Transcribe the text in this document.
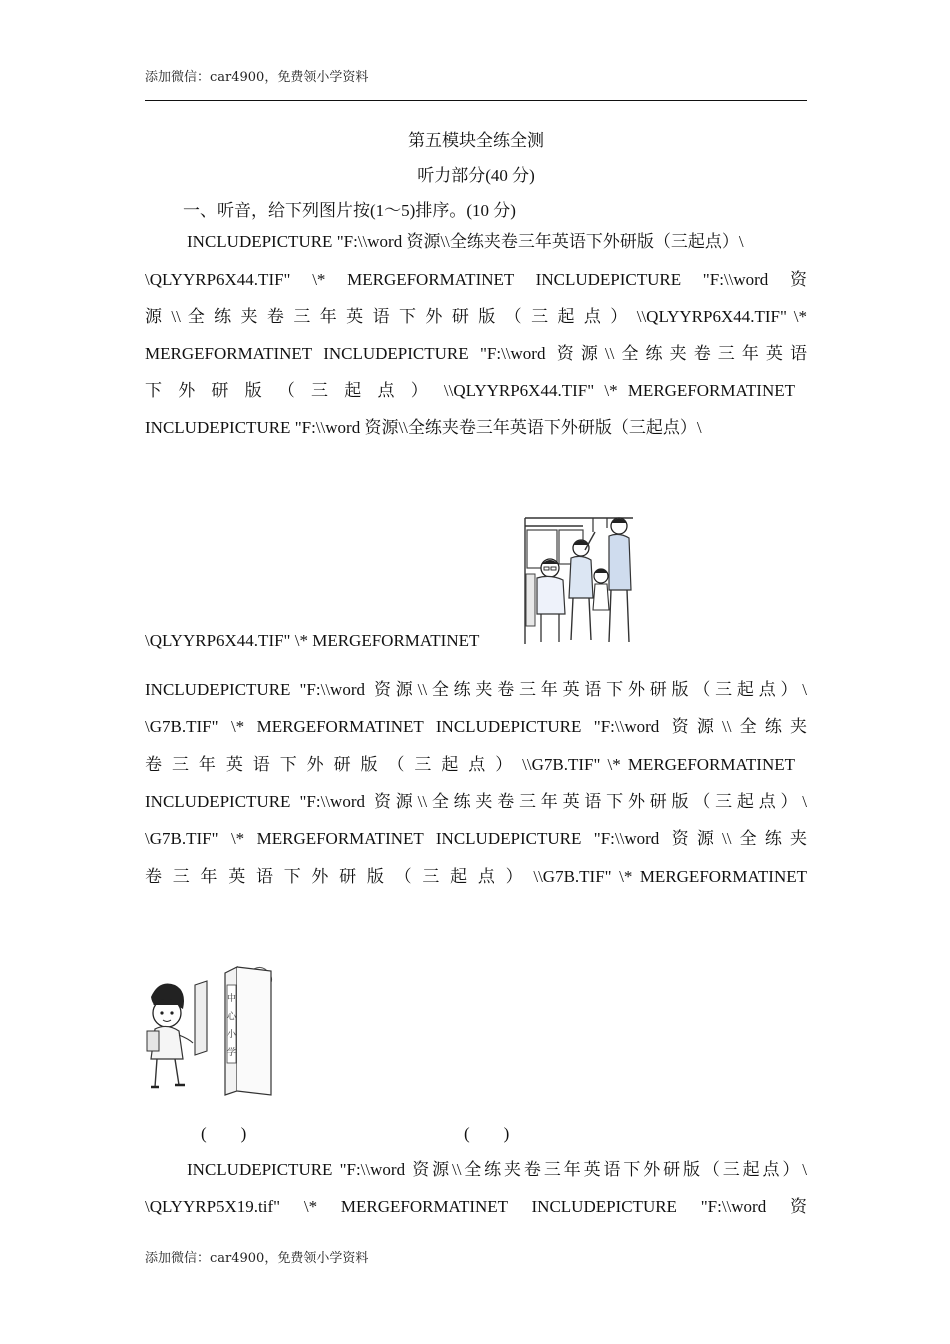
添加微信：car4900，免费领小学资料
第五模块全练全测
听力部分(40 分)
一、听音，给下列图片按(1～5)排序。(10 分)
INCLUDEPICTURE "F:\\word 资源\\全练夹卷三年英语下外研版（三起点）\
\QLYYRP6X44.TIF" \* MERGEFORMATINET INCLUDEPICTURE "F:\\word 资
源 \\ 全 练 夹 卷 三 年 英 语 下 外 研 版 （ 三 起 点 ） \\QLYYRP6X44.TIF" \*
MERGEFORMATINET INCLUDEPICTURE "F:\\word 资源\\全练夹卷三年英语
下 外 研 版 （ 三 起 点 ） \\QLYYRP6X44.TIF" \* MERGEFORMATINET
INCLUDEPICTURE "F:\\word 资源\\全练夹卷三年英语下外研版（三起点）\
\QLYYRP6X44.TIF" \* MERGEFORMATINET
INCLUDEPICTURE "F:\\word 资源\\全练夹卷三年英语下外研版（三起点）\
\G7B.TIF" \* MERGEFORMATINET INCLUDEPICTURE "F:\\word 资源\\全练夹
卷 三 年 英 语 下 外 研 版 （ 三 起 点 ） \\G7B.TIF" \* MERGEFORMATINET
INCLUDEPICTURE "F:\\word 资源\\全练夹卷三年英语下外研版（三起点）\
\G7B.TIF" \* MERGEFORMATINET INCLUDEPICTURE "F:\\word 资源\\全练夹
卷 三 年 英 语 下 外 研 版 （ 三 起 点 ） \\G7B.TIF" \* MERGEFORMATINET
中
心
小
学
(        )	(        )
INCLUDEPICTURE "F:\\word 资源\\全练夹卷三年英语下外研版（三起点）\
\QLYYRP5X19.tif" \* MERGEFORMATINET INCLUDEPICTURE "F:\\word 资
添加微信：car4900，免费领小学资料
